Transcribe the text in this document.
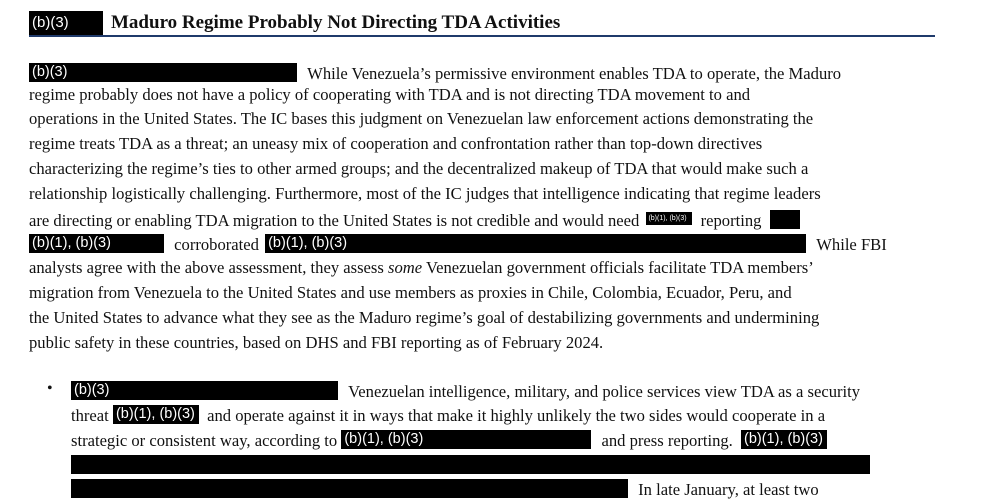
(b)(3)	Maduro Regime Probably Not Directing TDA Activities
(b)(3)	While Venezuela’s permissive environment enables TDA to operate, the Maduro
regime probably does not have a policy of cooperating with TDA and is not directing TDA movement to and
operations in the United States. The IC bases this judgment on Venezuelan law enforcement actions demonstrating the
regime treats TDA as a threat; an uneasy mix of cooperation and confrontation rather than top-down directives
characterizing the regime’s ties to other armed groups; and the decentralized makeup of TDA that would make such a
relationship logistically challenging. Furthermore, most of the IC judges that intelligence indicating that regime leaders
are directing or enabling TDA migration to the United States is not credible and would need (b)(1), (b)(3) reporting
(b)(1), (b)(3)	corroborated (b)(1), (b)(3)	While FBI
analysts agree with the above assessment, they assess some Venezuelan government officials facilitate TDA members’
migration from Venezuela to the United States and use members as proxies in Chile, Colombia, Ecuador, Peru, and
the United States to advance what they see as the Maduro regime’s goal of destabilizing governments and undermining
public safety in these countries, based on DHS and FBI reporting as of February 2024.
• (b)(3)	Venezuelan intelligence, military, and police services view TDA as a security
threat (b)(1), (b)(3) and operate against it in ways that make it highly unlikely the two sides would cooperate in a
strategic or consistent way, according to (b)(1), (b)(3)	and press reporting. (b)(1), (b)(3)
In late January, at least two
